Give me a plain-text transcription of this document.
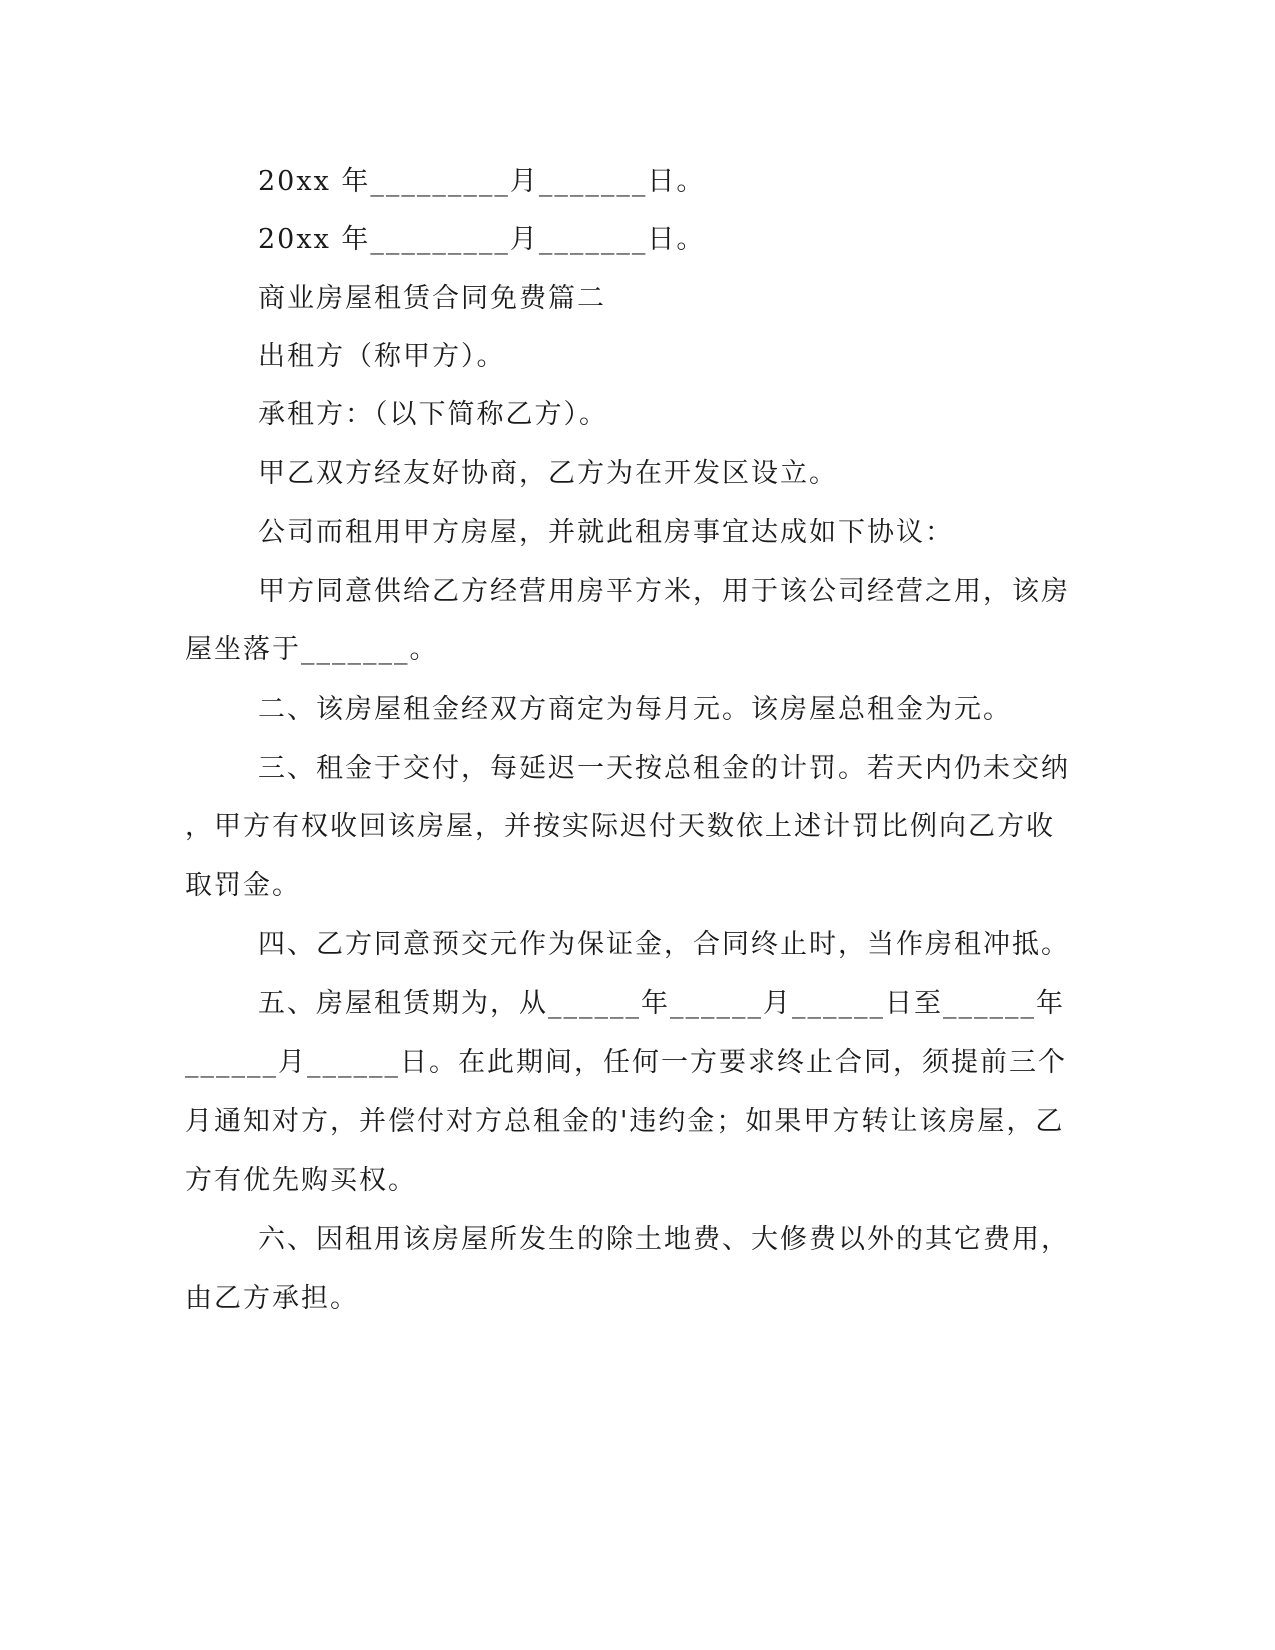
20xx 年_________月_______日。
20xx 年_________月_______日。
商业房屋租赁合同免费篇二
出租方（称甲方）。
承租方：（以下简称乙方）。
甲乙双方经友好协商，乙方为在开发区设立。
公司而租用甲方房屋，并就此租房事宜达成如下协议：
甲方同意供给乙方经营用房平方米，用于该公司经营之用，该房
屋坐落于_______。
二、该房屋租金经双方商定为每月元。该房屋总租金为元。
三、租金于交付，每延迟一天按总租金的计罚。若天内仍未交纳
，甲方有权收回该房屋，并按实际迟付天数依上述计罚比例向乙方收
取罚金。
四、乙方同意预交元作为保证金，合同终止时，当作房租冲抵。
五、房屋租赁期为，从______年______月______日至______年
______月______日。在此期间，任何一方要求终止合同，须提前三个
月通知对方，并偿付对方总租金的'违约金；如果甲方转让该房屋，乙
方有优先购买权。
六、因租用该房屋所发生的除土地费、大修费以外的其它费用，
由乙方承担。
